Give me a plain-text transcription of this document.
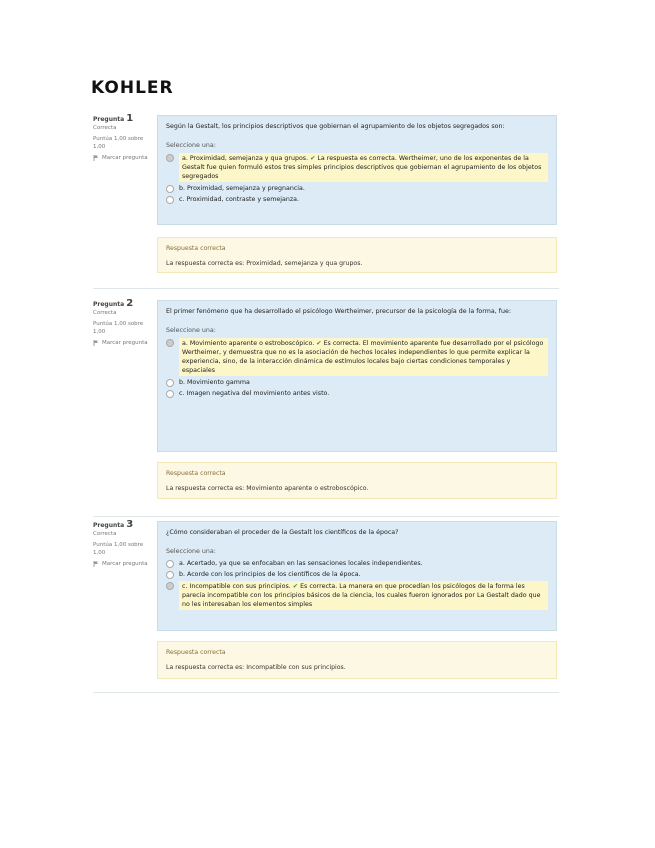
KOHLER
Pregunta 1
Correcta
Puntúa 1,00 sobre 1,00
Marcar pregunta
Según la Gestalt, los principios descriptivos que gobiernan el agrupamiento de los objetos segregados son:
Seleccione una:
a. Proximidad, semejanza y qua grupos. ✔ La respuesta es correcta. Wertheimer, uno de los exponentes de la Gestalt fue quien formuló estos tres simples principios descriptivos que gobiernan el agrupamiento de los objetos segregados
b. Proximidad, semejanza y pregnancia.
c. Proximidad, contraste y semejanza.
Respuesta correcta
La respuesta correcta es: Proximidad, semejanza y qua grupos.
Pregunta 2
Correcta
Puntúa 1,00 sobre 1,00
Marcar pregunta
El primer fenómeno que ha desarrollado el psicólogo Wertheimer, precursor de la psicología de la forma, fue:
Seleccione una:
a. Movimiento aparente o estroboscópico. ✔ Es correcta. El movimiento aparente fue desarrollado por el psicólogo Wertheimer, y demuestra que no es la asociación de hechos locales independientes lo que permite explicar la experiencia, sino, de la interacción dinámica de estímulos locales bajo ciertas condiciones temporales y espaciales
b. Movimiento gamma
c. Imagen negativa del movimiento antes visto.
Respuesta correcta
La respuesta correcta es: Movimiento aparente o estroboscópico.
Pregunta 3
Correcta
Puntúa 1,00 sobre 1,00
Marcar pregunta
¿Cómo consideraban el proceder de la Gestalt los científicos de la época?
Seleccione una:
a. Acertado, ya que se enfocaban en las sensaciones locales independientes.
b. Acorde con los principios de los científicos de la época.
c. Incompatible con sus principios. ✔ Es correcta. La manera en que procedían los psicólogos de la forma les parecía incompatible con los principios básicos de la ciencia, los cuales fueron ignorados por La Gestalt dado que no les interesaban los elementos simples
Respuesta correcta
La respuesta correcta es: Incompatible con sus principios.
